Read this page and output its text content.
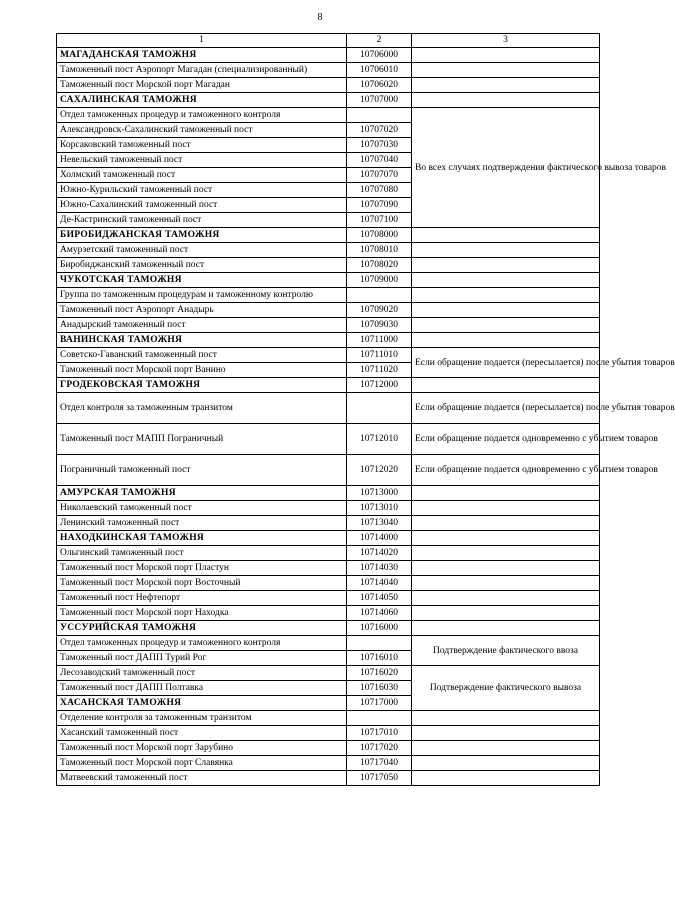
8
1	2	3
МАГАДАНСКАЯ ТАМОЖНЯ	10706000	
Таможенный пост Аэропорт Магадан (специализированный)	10706010	
Таможенный пост Морской порт Магадан	10706020	
САХАЛИНСКАЯ ТАМОЖНЯ	10707000	
Отдел таможенных процедур и таможенного контроля		Во всех случаях подтверждения фактического вывоза товаров
Александровск-Сахалинский таможенный пост	10707020	
Корсаковский таможенный пост	10707030	
Невельский таможенный пост	10707040	
Холмский таможенный пост	10707070	
Южно-Курильский таможенный пост	10707080	
Южно-Сахалинский таможенный пост	10707090	
Де-Кастринский таможенный пост	10707100	
БИРОБИДЖАНСКАЯ ТАМОЖНЯ	10708000	
Амурзетский таможенный пост	10708010	
Биробиджанский таможенный пост	10708020	
ЧУКОТСКАЯ ТАМОЖНЯ	10709000	
Группа по таможенным процедурам и таможенному контролю		
Таможенный пост Аэропорт Анадырь	10709020	
Анадырский таможенный пост	10709030	
ВАНИНСКАЯ ТАМОЖНЯ	10711000	
Советско-Гаванский таможенный пост	10711010	Если обращение подается (пересылается) после убытия товаров
Таможенный пост Морской порт Ванино	10711020	
ГРОДЕКОВСКАЯ ТАМОЖНЯ	10712000	
Отдел контроля за таможенным транзитом		Если обращение подается (пересылается) после убытия товаров
Таможенный пост МАПП Пограничный	10712010	Если обращение подается одновременно с убытием товаров
Пограничный таможенный пост	10712020	Если обращение подается одновременно с убытием товаров
АМУРСКАЯ ТАМОЖНЯ	10713000	
Николаевский таможенный пост	10713010	
Ленинский таможенный пост	10713040	
НАХОДКИНСКАЯ ТАМОЖНЯ	10714000	
Ольгинский таможенный пост	10714020	
Таможенный пост Морской порт Пластун	10714030	
Таможенный пост Морской порт Восточный	10714040	
Таможенный пост Нефтепорт	10714050	
Таможенный пост Морской порт Находка	10714060	
УССУРИЙСКАЯ ТАМОЖНЯ	10716000	
Отдел таможенных процедур и таможенного контроля		Подтверждение фактического ввоза
Таможенный пост ДАПП Турий Рог	10716010	
Лесозаводский таможенный пост	10716020	Подтверждение фактического вывоза
Таможенный пост ДАПП Полтавка	10716030	
ХАСАНСКАЯ ТАМОЖНЯ	10717000	
Отделение контроля за таможенным транзитом		
Хасанский таможенный пост	10717010	
Таможенный пост Морской порт Зарубино	10717020	
Таможенный пост Морской порт Славянка	10717040	
Матвеевский таможенный пост	10717050	
